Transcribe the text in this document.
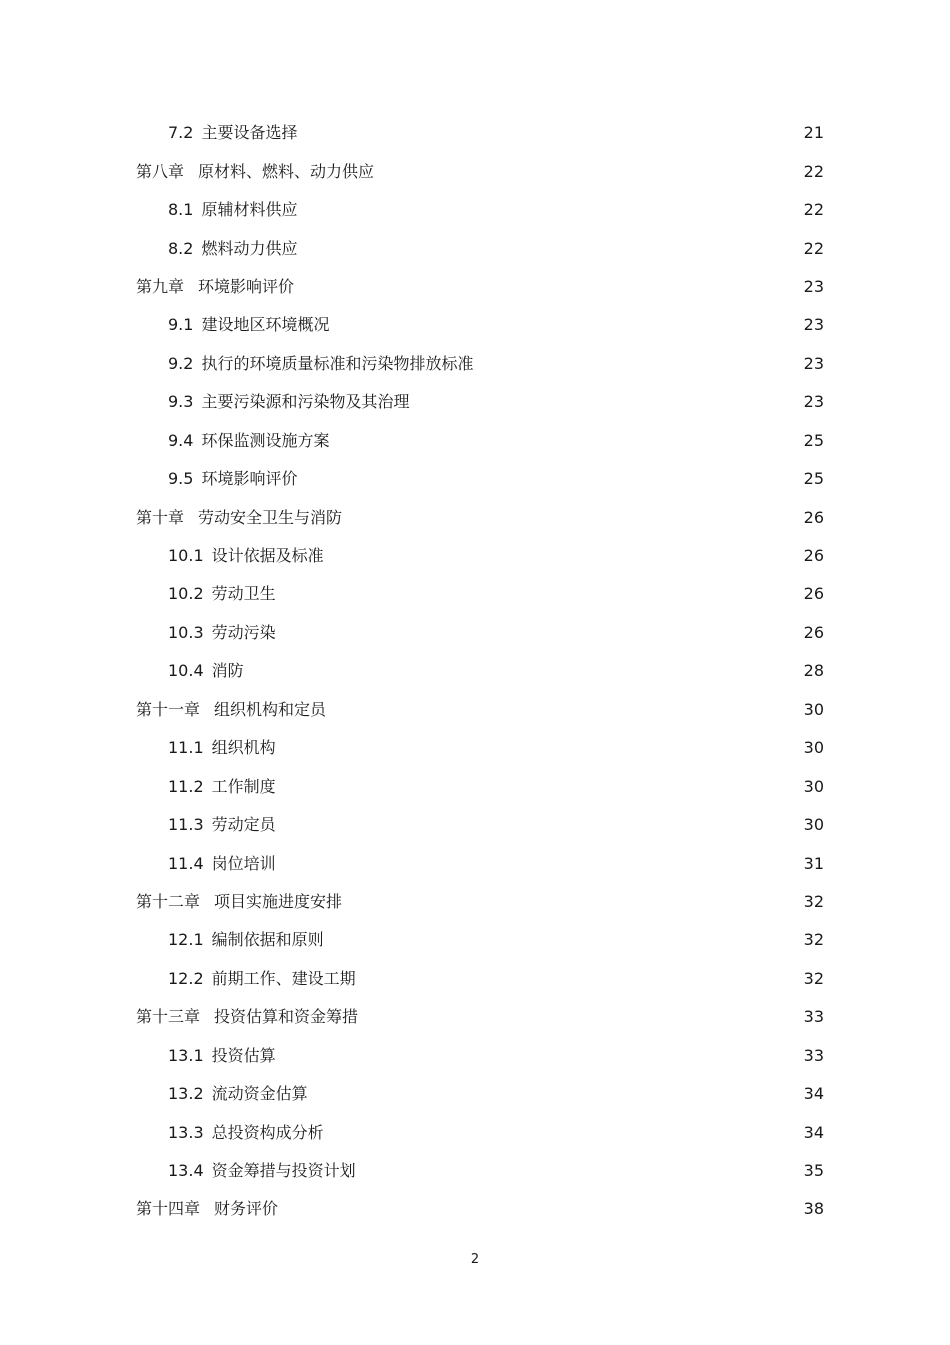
7.2 主要设备选择	21
第八章 原材料、燃料、动力供应	22
8.1 原辅材料供应	22
8.2 燃料动力供应	22
第九章 环境影响评价	23
9.1 建设地区环境概况	23
9.2 执行的环境质量标准和污染物排放标准	23
9.3 主要污染源和污染物及其治理	23
9.4 环保监测设施方案	25
9.5 环境影响评价	25
第十章 劳动安全卫生与消防	26
10.1 设计依据及标准	26
10.2 劳动卫生	26
10.3 劳动污染	26
10.4 消防	28
第十一章 组织机构和定员	30
11.1 组织机构	30
11.2 工作制度	30
11.3 劳动定员	30
11.4 岗位培训	31
第十二章 项目实施进度安排	32
12.1 编制依据和原则	32
12.2 前期工作、建设工期	32
第十三章 投资估算和资金筹措	33
13.1 投资估算	33
13.2 流动资金估算	34
13.3 总投资构成分析	34
13.4 资金筹措与投资计划	35
第十四章 财务评价	38
2
